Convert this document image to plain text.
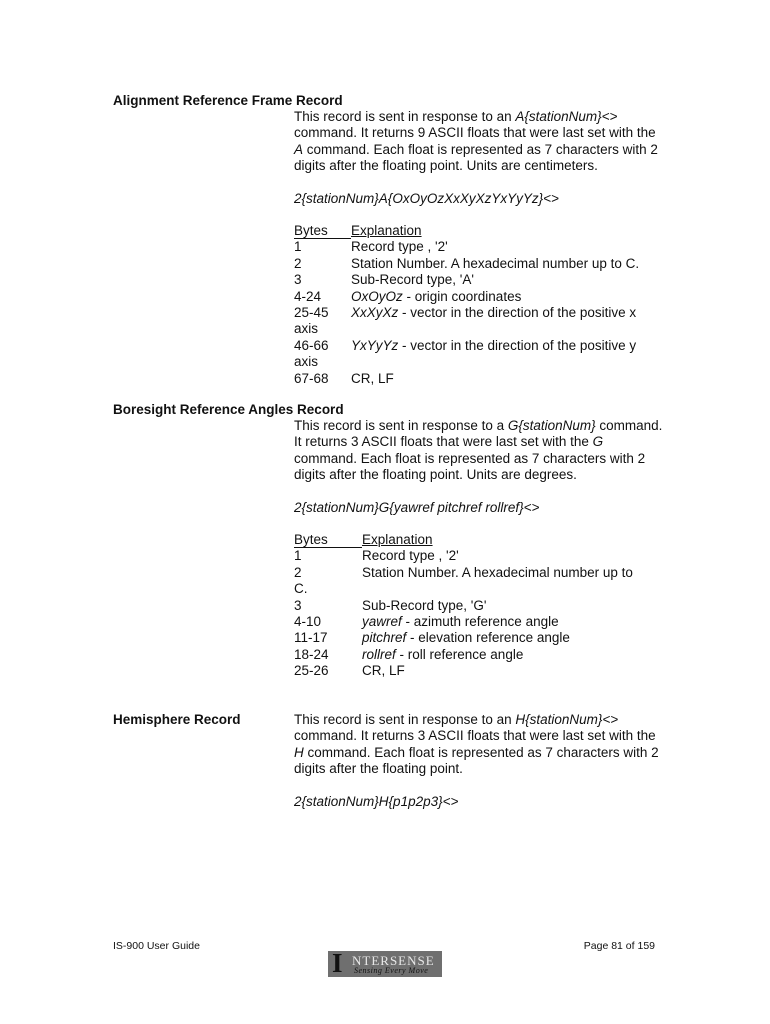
Alignment Reference Frame Record

This record is sent in response to an A{stationNum}<> command. It returns 9 ASCII floats that were last set with the A command. Each float is represented as 7 characters with 2 digits after the floating point. Units are centimeters.

2{stationNum}A{OxOyOzXxXyXzYxYyYz}<>
Bytes	Explanation
1	Record type , '2'
2	Station Number. A hexadecimal number up to C.
3	Sub-Record type, 'A'
4-24	OxOyOz - origin coordinates
25-45	XxXyXz - vector in the direction of the positive x
axis
46-66	YxYyYz - vector in the direction of the positive y
axis
67-68	CR, LF
Boresight Reference Angles Record

This record is sent in response to a G{stationNum} command. It returns 3 ASCII floats that were last set with the G command. Each float is represented as 7 characters with 2 digits after the floating point. Units are degrees.

2{stationNum}G{yawref pitchref rollref}<>
Bytes	Explanation
1	Record type , '2'
2	Station Number. A hexadecimal number up to
C.
3	Sub-Record type, 'G'
4-10	yawref - azimuth reference angle
11-17	pitchref - elevation reference angle
18-24	rollref - roll reference angle
25-26	CR, LF
Hemisphere Record	This record is sent in response to an H{stationNum}<> command. It returns 3 ASCII floats that were last set with the H command. Each float is represented as 7 characters with 2 digits after the floating point.

2{stationNum}H{p1p2p3}<>
IS-900 User Guide	Page 81 of 159
I NTERSENSE
Sensing Every Move
